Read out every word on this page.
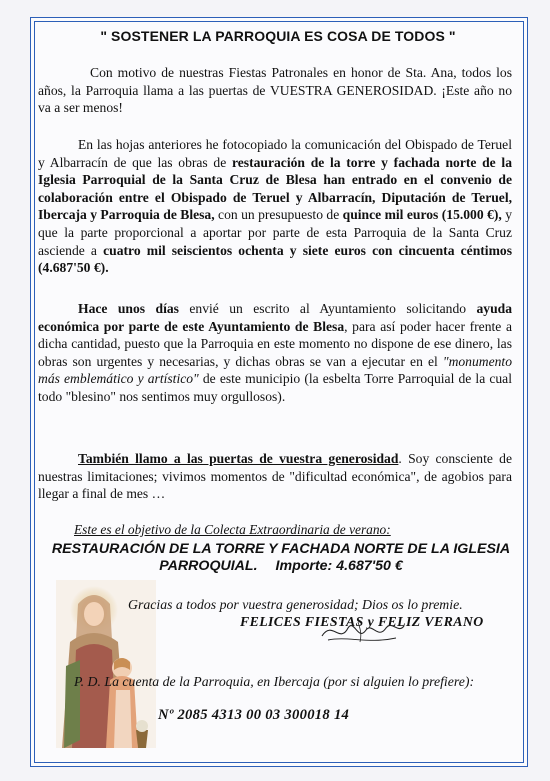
" SOSTENER LA PARROQUIA ES COSA DE TODOS "
Con motivo de nuestras Fiestas Patronales en honor de Sta. Ana, todos los años, la Parroquia llama a las puertas de VUESTRA GENEROSIDAD. ¡Este año no va a ser menos!
En las hojas anteriores he fotocopiado la comunicación del Obispado de Teruel y Albarracín de que las obras de restauración de la torre y fachada norte de la Iglesia Parroquial de la Santa Cruz de Blesa han entrado en el convenio de colaboración entre el Obispado de Teruel y Albarracín, Diputación de Teruel, Ibercaja y Parroquia de Blesa, con un presupuesto de quince mil euros (15.000 €), y que la parte proporcional a aportar por parte de esta Parroquia de la Santa Cruz asciende a cuatro mil seiscientos ochenta y siete euros con cincuenta céntimos (4.687'50 €).
Hace unos días envié un escrito al Ayuntamiento solicitando ayuda económica por parte de este Ayuntamiento de Blesa, para así poder hacer frente a dicha cantidad, puesto que la Parroquia en este momento no dispone de ese dinero, las obras son urgentes y necesarias, y dichas obras se van a ejecutar en el "monumento más emblemático y artístico" de este municipio (la esbelta Torre Parroquial de la cual todo "blesino" nos sentimos muy orgullosos).
También llamo a las puertas de vuestra generosidad. Soy consciente de nuestras limitaciones; vivimos momentos de "dificultad económica", de agobios para llegar a final de mes …
Este es el objetivo de la Colecta Extraordinaria de verano:
RESTAURACIÓN DE LA TORRE Y FACHADA NORTE DE LA IGLESIA PARROQUIAL. Importe: 4.687'50 €
Gracias a todos por vuestra generosidad; Dios os lo premie.
FELICES FIESTAS y FELIZ VERANO
P. D. La cuenta de la Parroquia, en Ibercaja (por si alguien lo prefiere):
Nº 2085 4313 00 03 300018 14
